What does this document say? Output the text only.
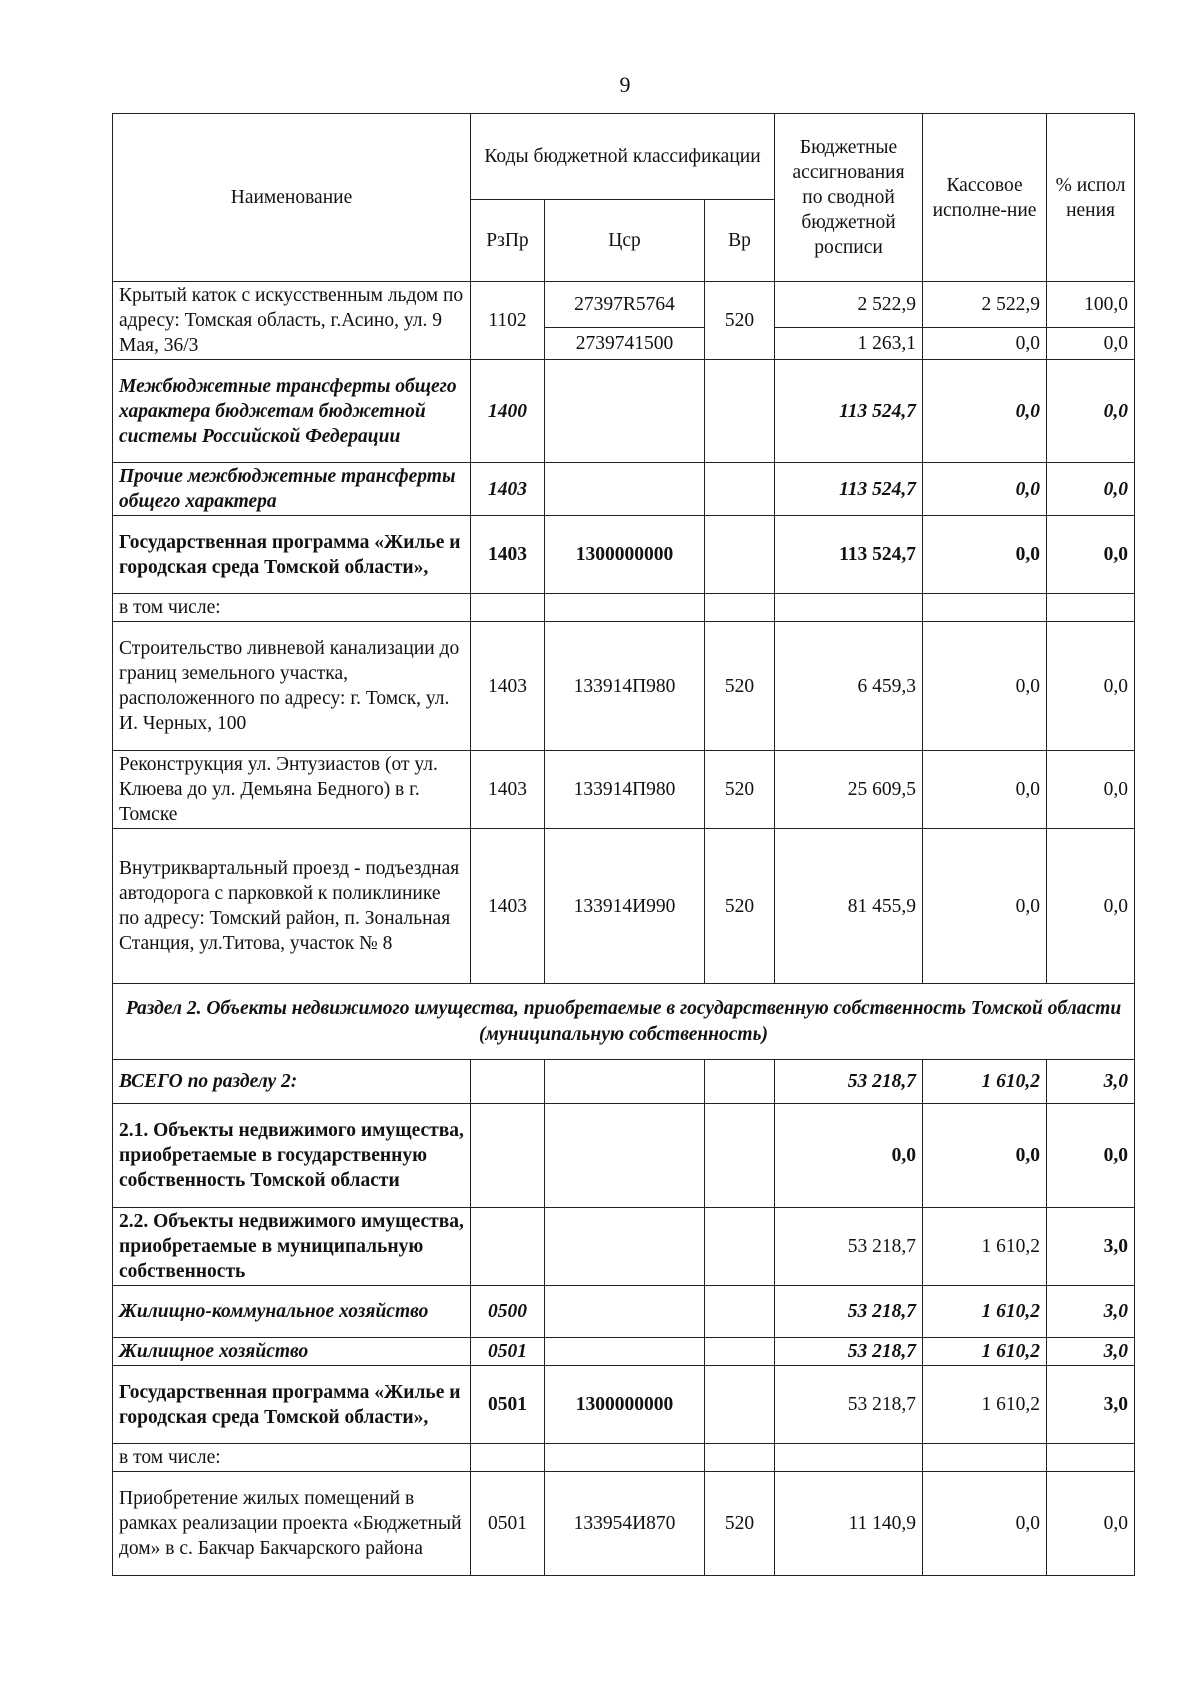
9
Наименование	Коды бюджетной классификации			Бюджетные ассигнования по сводной бюджетной росписи	Кассовое исполне-ние	% испол нения
	РзПр	Цср	Вр			
Крытый каток с искусственным льдом по адресу: Томская область, г.Асино, ул. 9 Мая, 36/3	1102	27397R5764	520	2 522,9	2 522,9	100,0
		2739741500		1 263,1	0,0	0,0
Межбюджетные трансферты общего характера бюджетам бюджетной системы Российской Федерации	1400			113 524,7	0,0	0,0
Прочие межбюджетные трансферты общего характера	1403			113 524,7	0,0	0,0
Государственная программа «Жилье и городская среда Томской области»,	1403	1300000000		113 524,7	0,0	0,0
в том числе:						
Строительство ливневой канализации до границ земельного участка, расположенного по адресу: г. Томск, ул. И. Черных, 100	1403	133914П980	520	6 459,3	0,0	0,0
Реконструкция ул. Энтузиастов (от ул. Клюева до ул. Демьяна Бедного) в г. Томске	1403	133914П980	520	25 609,5	0,0	0,0
Внутриквартальный проезд - подъездная автодорога с парковкой к поликлинике по адресу: Томский район, п. Зональная Станция, ул.Титова, участок № 8	1403	133914И990	520	81 455,9	0,0	0,0
Раздел 2. Объекты недвижимого имущества, приобретаемые в государственную собственность Томской области (муниципальную собственность)						
ВСЕГО по разделу 2:				53 218,7	1 610,2	3,0
2.1. Объекты недвижимого имущества, приобретаемые в государственную собственность Томской области				0,0	0,0	0,0
2.2. Объекты недвижимого имущества, приобретаемые в муниципальную собственность				53 218,7	1 610,2	3,0
Жилищно-коммунальное хозяйство	0500			53 218,7	1 610,2	3,0
Жилищное хозяйство	0501			53 218,7	1 610,2	3,0
Государственная программа «Жилье и городская среда Томской области»,	0501	1300000000		53 218,7	1 610,2	3,0
в том числе:						
Приобретение жилых помещений в рамках реализации проекта «Бюджетный дом» в с. Бакчар Бакчарского района	0501	133954И870	520	11 140,9	0,0	0,0
